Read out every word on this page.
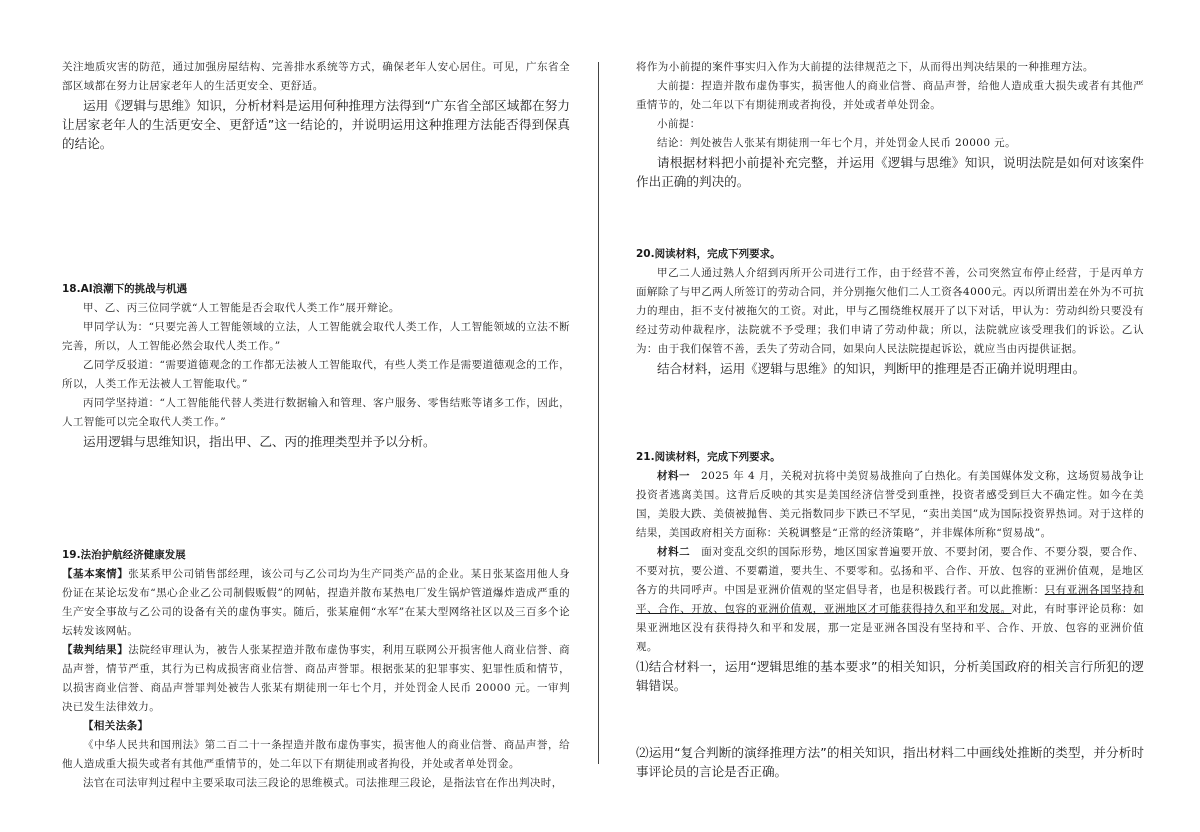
关注地质灾害的防范，通过加强房屋结构、完善排水系统等方式，确保老年人安心居住。可见，广东省全部区域都在努力让居家老年人的生活更安全、更舒适。

运用《逻辑与思维》知识，分析材料是运用何种推理方法得到“广东省全部区域都在努力让居家老年人的生活更安全、更舒适”这一结论的，并说明运用这种推理方法能否得到保真的结论。

18.AI浪潮下的挑战与机遇

甲、乙、丙三位同学就“人工智能是否会取代人类工作”展开辩论。

甲同学认为：“只要完善人工智能领域的立法，人工智能就会取代人类工作，人工智能领域的立法不断完善，所以，人工智能必然会取代人类工作。”

乙同学反驳道：“需要道德观念的工作都无法被人工智能取代，有些人类工作是需要道德观念的工作，所以，人类工作无法被人工智能取代。”

丙同学坚持道：“人工智能能代替人类进行数据输入和管理、客户服务、零售结账等诸多工作，因此，人工智能可以完全取代人类工作。”

运用逻辑与思维知识，指出甲、乙、丙的推理类型并予以分析。

19.法治护航经济健康发展

【基本案情】张某系甲公司销售部经理，该公司与乙公司均为生产同类产品的企业。某日张某盗用他人身份证在某论坛发布“黑心企业乙公司制假贩假”的网帖，捏造并散布某热电厂发生锅炉管道爆炸造成严重的生产安全事故与乙公司的设备有关的虚伪事实。随后，张某雇佣“水军”在某大型网络社区以及三百多个论坛转发该网帖。

【裁判结果】法院经审理认为，被告人张某捏造并散布虚伪事实，利用互联网公开损害他人商业信誉、商品声誉，情节严重，其行为已构成损害商业信誉、商品声誉罪。根据张某的犯罪事实、犯罪性质和情节，以损害商业信誉、商品声誉罪判处被告人张某有期徒刑一年七个月，并处罚金人民币 20000 元。一审判决已发生法律效力。

【相关法条】

《中华人民共和国刑法》第二百二十一条捏造并散布虚伪事实，损害他人的商业信誉、商品声誉，给他人造成重大损失或者有其他严重情节的，处二年以下有期徒刑或者拘役，并处或者单处罚金。

法官在司法审判过程中主要采取司法三段论的思维模式。司法推理三段论，是指法官在作出判决时，

将作为小前提的案件事实归入作为大前提的法律规范之下，从而得出判决结果的一种推理方法。

大前提：捏造并散布虚伪事实，损害他人的商业信誉、商品声誉，给他人造成重大损失或者有其他严重情节的，处二年以下有期徒刑或者拘役，并处或者单处罚金。

小前提：

结论：判处被告人张某有期徒刑一年七个月，并处罚金人民币 20000 元。

请根据材料把小前提补充完整，并运用《逻辑与思维》知识，说明法院是如何对该案件作出正确的判决的。

20.阅读材料，完成下列要求。

甲乙二人通过熟人介绍到丙所开公司进行工作，由于经营不善，公司突然宣布停止经营，于是丙单方面解除了与甲乙两人所签订的劳动合同，并分别拖欠他们二人工资各4000元。丙以所谓出差在外为不可抗力的理由，拒不支付被拖欠的工资。对此，甲与乙围绕维权展开了以下对话，甲认为：劳动纠纷只要没有经过劳动仲裁程序，法院就不予受理；我们申请了劳动仲裁；所以，法院就应该受理我们的诉讼。乙认为：由于我们保管不善，丢失了劳动合同，如果向人民法院提起诉讼，就应当由丙提供证据。

结合材料，运用《逻辑与思维》的知识，判断甲的推理是否正确并说明理由。

21.阅读材料，完成下列要求。

材料一　 2025 年 4 月，关税对抗将中美贸易战推向了白热化。有美国媒体发文称，这场贸易战争让投资者逃离美国。这背后反映的其实是美国经济信誉受到重挫，投资者感受到巨大不确定性。如今在美国，美股大跌、美债被抛售、美元指数同步下跌已不罕见，“卖出美国”成为国际投资界热词。对于这样的结果，美国政府相关方面称：关税调整是“正常的经济策略”，并非媒体所称“贸易战”。

材料二　 面对变乱交织的国际形势，地区国家普遍要开放、不要封闭，要合作、不要分裂，要合作、不要对抗，要公道、不要霸道，要共生、不要零和。弘扬和平、合作、开放、包容的亚洲价值观，是地区各方的共同呼声。中国是亚洲价值观的坚定倡导者，也是积极践行者。可以此推断：只有亚洲各国坚持和平、合作、开放、包容的亚洲价值观，亚洲地区才可能获得持久和平和发展。对此，有时事评论员称：如果亚洲地区没有获得持久和平和发展，那一定是亚洲各国没有坚持和平、合作、开放、包容的亚洲价值观。

⑴结合材料一，运用“逻辑思维的基本要求”的相关知识，分析美国政府的相关言行所犯的逻辑错误。

⑵运用“复合判断的演绎推理方法”的相关知识，指出材料二中画线处推断的类型，并分析时事评论员的言论是否正确。
